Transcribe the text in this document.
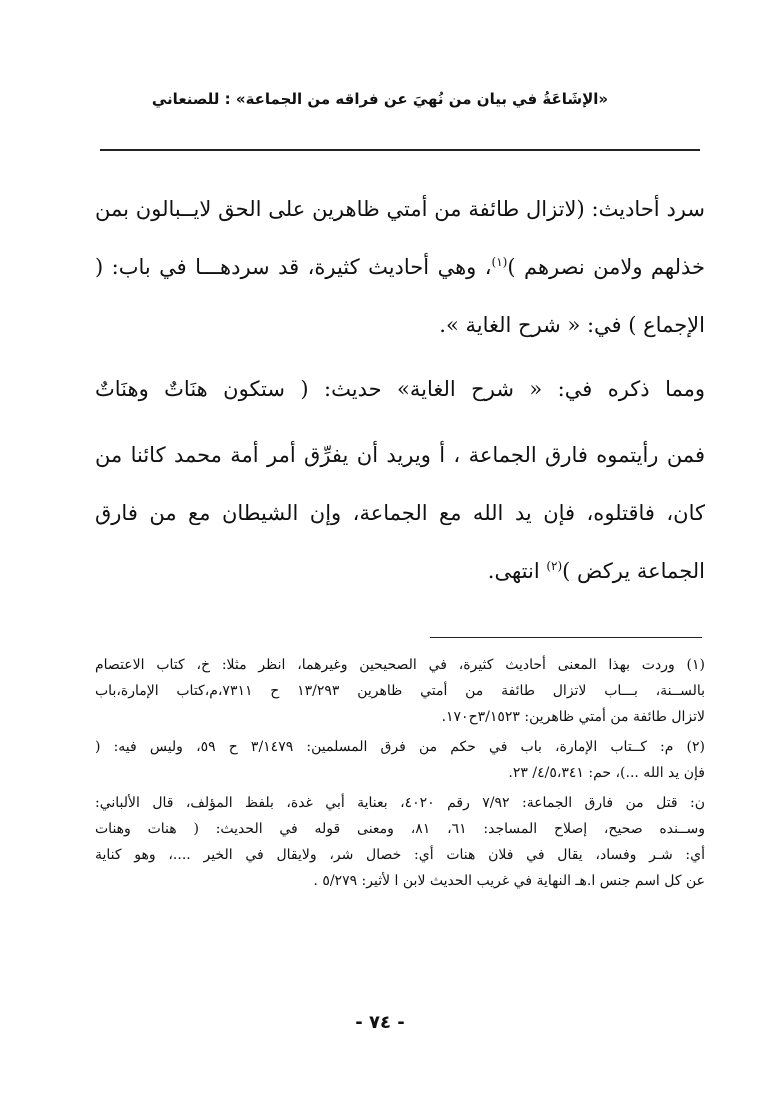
«الإشَاعَةُ في بيان من نُهيَ عن فراقه من الجماعة» : للصنعاني
سرد أحاديث: (لاتزال طائفة من أمتي ظاهرين على الحق لايــبالون بمن
خذلهم ولامن نصرهم )$^{(١)}$، وهي أحاديث كثيرة، قد سردهـــا في باب: (
الإجماع ) في: « شرح الغاية ».
ومما ذكره في: « شرح الغاية» حديث: ( ستكون هنَاتٌ وهنَاتٌ
فمن رأيتموه فارق الجماعة ، أ ويريد أن يفرِّق أمر أمة محمد كائنا من
كان، فاقتلوه، فإن يد الله مع الجماعة، وإن الشيطان مع من فارق
الجماعة يركض )$^{(٢)}$ انتهى.
(١) وردت بهذا المعنى أحاديث كثيرة، في الصحيحين وغيرهما، انظر مثلا: خ، كتاب الاعتصام
بالســنة، بـــاب لاتزال طائفة من أمتي ظاهرين ١٣/٢٩٣ ح ٧٣١١،م،كتاب الإمارة،باب
لاتزال طائفة من أمتي ظاهرين: ٣/١٥٢٣ح١٧٠.
(٢) م: كــتاب الإمارة، باب في حكم من فرق المسلمين: ٣/١٤٧٩ ح ٥٩، وليس فيه: (
فإن يد الله ...)، حم: ٤/٥،٣٤١/ ٢٣.
ن: قتل من فارق الجماعة: ٧/٩٢ رقم ٤٠٢٠، بعناية أبي غدة، بلفظ المؤلف، قال الألباني:
وســنده صحيح، إصلاح المساجد: ٦١، ٨١، ومعنى قوله في الحديث: ( هنات وهنات
أي: شـر وفساد، يقال في فلان هنات أي: خصال شر، ولايقال في الخير ....، وهو كناية
عن كل اسم جنس ا.هـ النهاية في غريب الحديث لابن ا لأثير: ٥/٢٧٩ .
- ٧٤ -
